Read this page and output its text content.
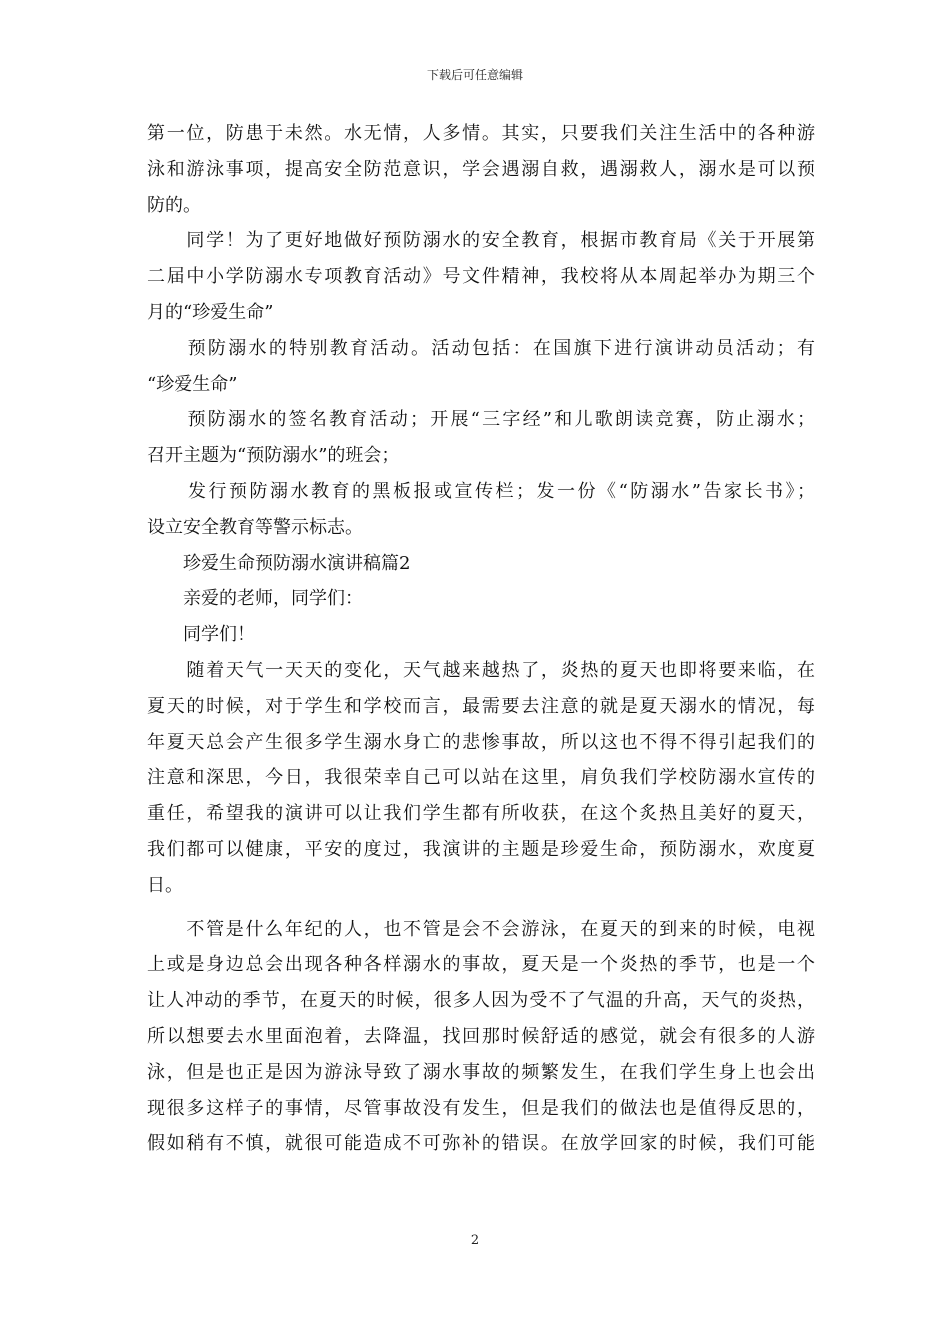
下载后可任意编辑

第一位，防患于未然。水无情，人多情。其实，只要我们关注生活中的各种游
泳和游泳事项，提高安全防范意识，学会遇溺自救，遇溺救人，溺水是可以预
防的。

　　同学！为了更好地做好预防溺水的安全教育，根据市教育局《关于开展第
二届中小学防溺水专项教育活动》号文件精神，我校将从本周起举办为期三个
月的“珍爱生命”

　　预防溺水的特别教育活动。活动包括：在国旗下进行演讲动员活动；有
“珍爱生命”

　　预防溺水的签名教育活动；开展“三字经”和儿歌朗读竞赛，防止溺水；
召开主题为“预防溺水”的班会；

　　发行预防溺水教育的黑板报或宣传栏；发一份《“防溺水”告家长书》；
设立安全教育等警示标志。

　　珍爱生命预防溺水演讲稿篇2

　　亲爱的老师，同学们：

　　同学们！

　　随着天气一天天的变化，天气越来越热了，炎热的夏天也即将要来临，在
夏天的时候，对于学生和学校而言，最需要去注意的就是夏天溺水的情况，每
年夏天总会产生很多学生溺水身亡的悲惨事故，所以这也不得不得引起我们的
注意和深思，今日，我很荣幸自己可以站在这里，肩负我们学校防溺水宣传的
重任，希望我的演讲可以让我们学生都有所收获，在这个炙热且美好的夏天，
我们都可以健康，平安的度过，我演讲的主题是珍爱生命，预防溺水，欢度夏
日。

　　不管是什么年纪的人，也不管是会不会游泳，在夏天的到来的时候，电视
上或是身边总会出现各种各样溺水的事故，夏天是一个炎热的季节，也是一个
让人冲动的季节，在夏天的时候，很多人因为受不了气温的升高，天气的炎热，
所以想要去水里面泡着，去降温，找回那时候舒适的感觉，就会有很多的人游
泳，但是也正是因为游泳导致了溺水事故的频繁发生，在我们学生身上也会出
现很多这样子的事情，尽管事故没有发生，但是我们的做法也是值得反思的，
假如稍有不慎，就很可能造成不可弥补的错误。在放学回家的时候，我们可能

2
